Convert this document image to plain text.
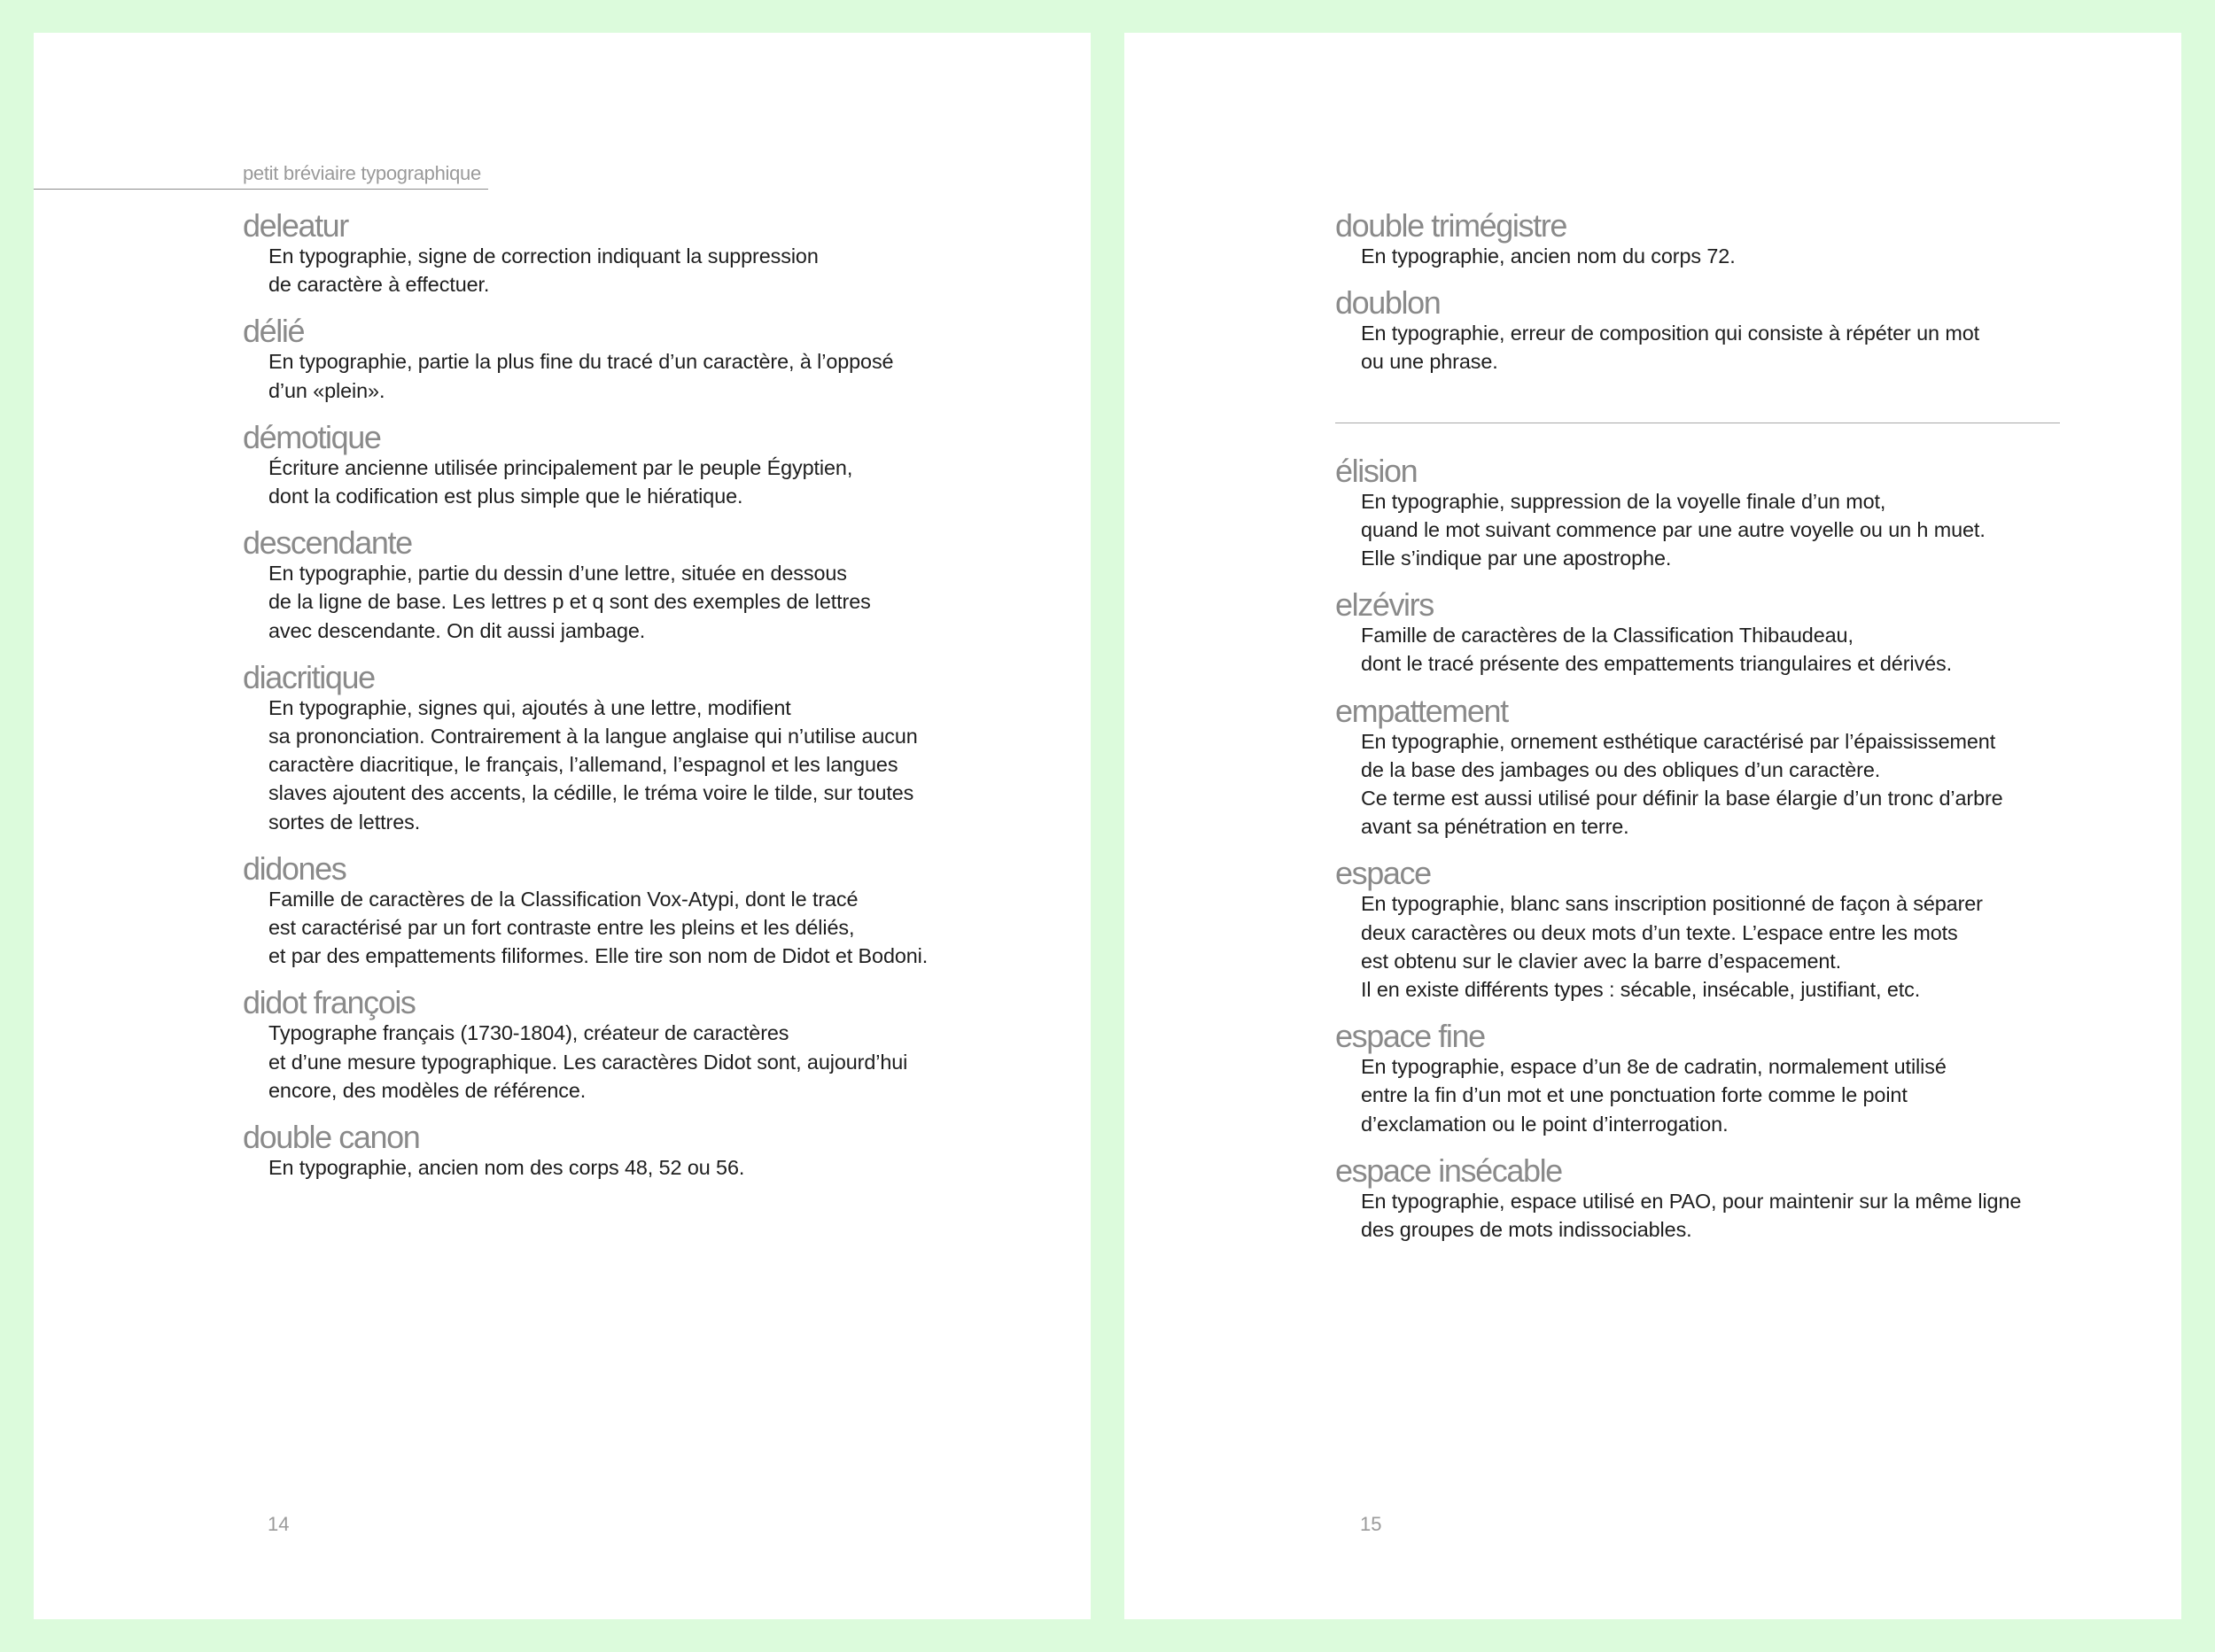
petit bréviaire typographique
deleatur
En typographie, signe de correction indiquant la suppression
de caractère à effectuer.
délié
En typographie, partie la plus fine du tracé d’un caractère, à l’opposé
d’un «plein».
démotique
Écriture ancienne utilisée principalement par le peuple Égyptien,
dont la codification est plus simple que le hiératique.
descendante
En typographie, partie du dessin d’une lettre, située en dessous
de la ligne de base. Les lettres p et q sont des exemples de lettres
avec descendante. On dit aussi jambage.
diacritique
En typographie, signes qui, ajoutés à une lettre, modifient
sa prononciation. Contrairement à la langue anglaise qui n’utilise aucun
caractère diacritique, le français, l’allemand, l’espagnol et les langues
slaves ajoutent des accents, la cédille, le tréma voire le tilde, sur toutes
sortes de lettres.
didones
Famille de caractères de la Classification Vox-Atypi, dont le tracé
est caractérisé par un fort contraste entre les pleins et les déliés,
et par des empattements filiformes. Elle tire son nom de Didot et Bodoni.
didot françois
Typographe français (1730-1804), créateur de caractères
et d’une mesure typographique. Les caractères Didot sont, aujourd’hui
encore, des modèles de référence.
double canon
En typographie, ancien nom des corps 48, 52 ou 56.
14
double trimégistre
En typographie, ancien nom du corps 72.
doublon
En typographie, erreur de composition qui consiste à répéter un mot
ou une phrase.
élision
En typographie, suppression de la voyelle finale d’un mot,
quand le mot suivant commence par une autre voyelle ou un h muet.
Elle s’indique par une apostrophe.
elzévirs
Famille de caractères de la Classification Thibaudeau,
dont le tracé présente des empattements triangulaires et dérivés.
empattement
En typographie, ornement esthétique caractérisé par l’épaississement
de la base des jambages ou des obliques d’un caractère.
Ce terme est aussi utilisé pour définir la base élargie d’un tronc d’arbre
avant sa pénétration en terre.
espace
En typographie, blanc sans inscription positionné de façon à séparer
deux caractères ou deux mots d’un texte. L’espace entre les mots
est obtenu sur le clavier avec la barre d’espacement.
Il en existe différents types : sécable, insécable, justifiant, etc.
espace fine
En typographie, espace d’un 8e de cadratin, normalement utilisé
entre la fin d’un mot et une ponctuation forte comme le point
d’exclamation ou le point d’interrogation.
espace insécable
En typographie, espace utilisé en PAO, pour maintenir sur la même ligne
des groupes de mots indissociables.
15
